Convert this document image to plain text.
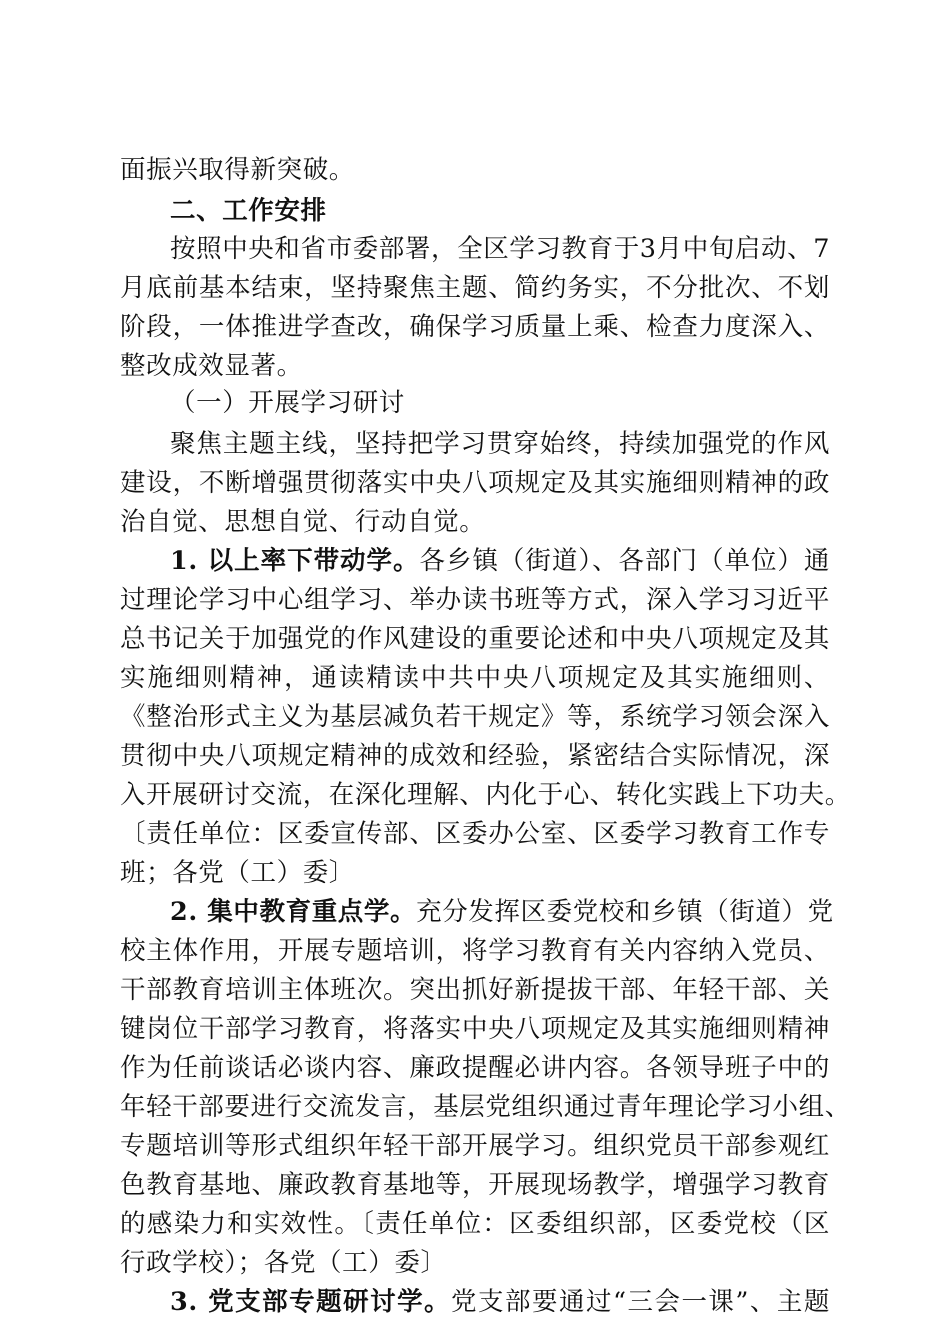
面振兴取得新突破。
二、工作安排
按照中央和省市委部署，全区学习教育于3月中旬启动、7
月底前基本结束，坚持聚焦主题、简约务实，不分批次、不划
阶段，一体推进学查改，确保学习质量上乘、检查力度深入、
整改成效显著。
（一）开展学习研讨
聚焦主题主线，坚持把学习贯穿始终，持续加强党的作风
建设，不断增强贯彻落实中央八项规定及其实施细则精神的政
治自觉、思想自觉、行动自觉。
1. 以上率下带动学。各乡镇（街道）、各部门（单位）通
过理论学习中心组学习、举办读书班等方式，深入学习习近平
总书记关于加强党的作风建设的重要论述和中央八项规定及其
实施细则精神，通读精读中共中央八项规定及其实施细则、
《整治形式主义为基层减负若干规定》等，系统学习领会深入
贯彻中央八项规定精神的成效和经验，紧密结合实际情况，深
入开展研讨交流，在深化理解、内化于心、转化实践上下功夫。
〔责任单位：区委宣传部、区委办公室、区委学习教育工作专
班；各党（工）委〕
2. 集中教育重点学。充分发挥区委党校和乡镇（街道）党
校主体作用，开展专题培训，将学习教育有关内容纳入党员、
干部教育培训主体班次。突出抓好新提拔干部、年轻干部、关
键岗位干部学习教育，将落实中央八项规定及其实施细则精神
作为任前谈话必谈内容、廉政提醒必讲内容。各领导班子中的
年轻干部要进行交流发言，基层党组织通过青年理论学习小组、
专题培训等形式组织年轻干部开展学习。组织党员干部参观红
色教育基地、廉政教育基地等，开展现场教学，增强学习教育
的感染力和实效性。〔责任单位：区委组织部，区委党校（区
行政学校）；各党（工）委〕
3. 党支部专题研讨学。党支部要通过“三会一课”、主题
